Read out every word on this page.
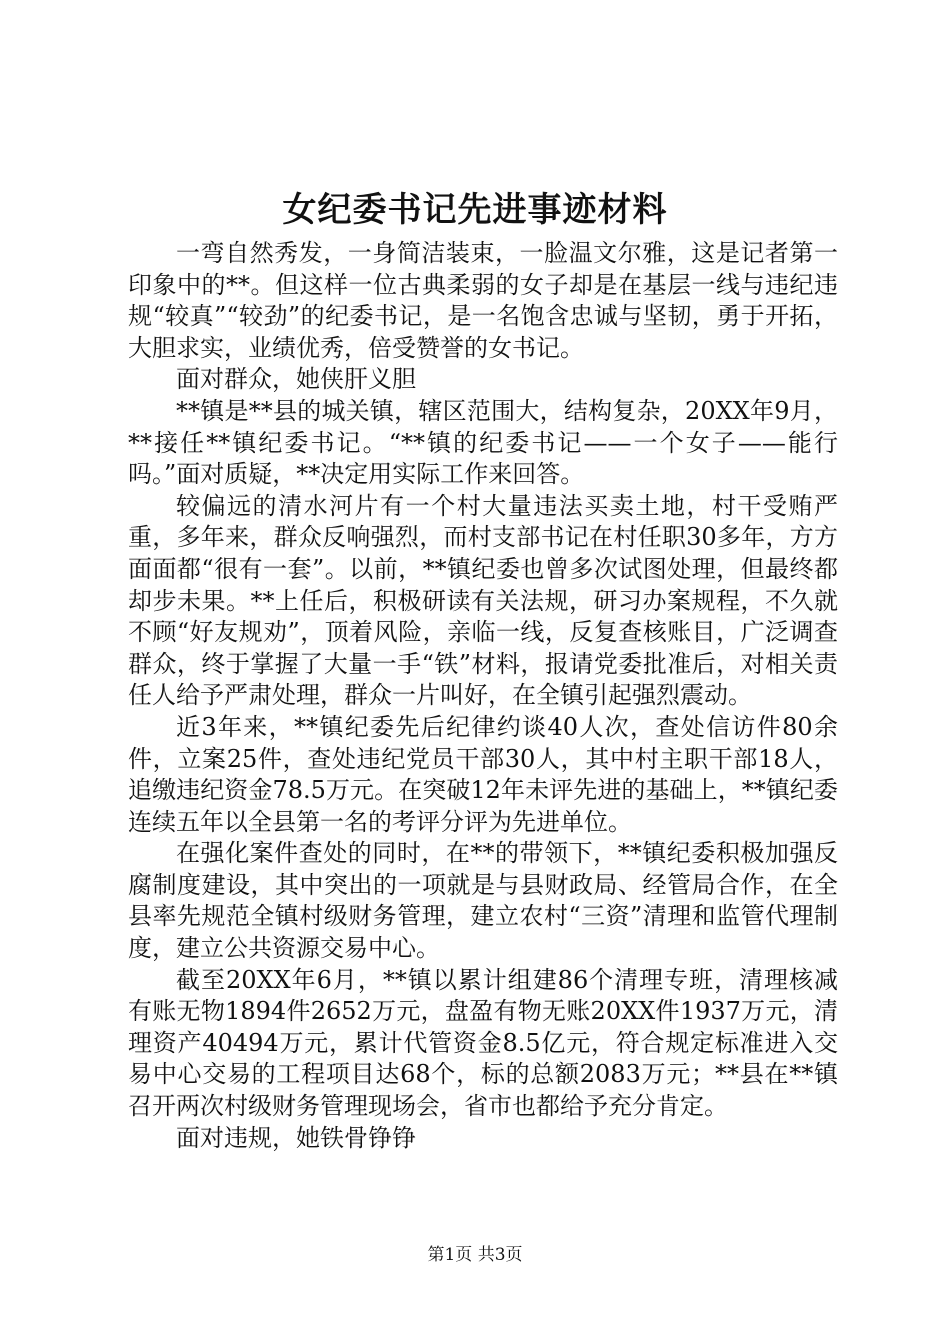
女纪委书记先进事迹材料

一弯自然秀发，一身简洁装束，一脸温文尔雅，这是记者第一印象中的**。但这样一位古典柔弱的女子却是在基层一线与违纪违规“较真”“较劲”的纪委书记，是一名饱含忠诚与坚韧，勇于开拓，大胆求实，业绩优秀，倍受赞誉的女书记。

面对群众，她侠肝义胆

**镇是**县的城关镇，辖区范围大，结构复杂，20XX年9月，**接任**镇纪委书记。“**镇的纪委书记——一个女子——能行吗。”面对质疑，**决定用实际工作来回答。

较偏远的清水河片有一个村大量违法买卖土地，村干受贿严重，多年来，群众反响强烈，而村支部书记在村任职30多年，方方面面都“很有一套”。以前，**镇纪委也曾多次试图处理，但最终都却步未果。**上任后，积极研读有关法规，研习办案规程，不久就不顾“好友规劝”，顶着风险，亲临一线，反复查核账目，广泛调查群众，终于掌握了大量一手“铁”材料，报请党委批准后，对相关责任人给予严肃处理，群众一片叫好，在全镇引起强烈震动。

近3年来，**镇纪委先后纪律约谈40人次，查处信访件80余件，立案25件，查处违纪党员干部30人，其中村主职干部18人，追缴违纪资金78.5万元。在突破12年未评先进的基础上，**镇纪委连续五年以全县第一名的考评分评为先进单位。

在强化案件查处的同时，在**的带领下，**镇纪委积极加强反腐制度建设，其中突出的一项就是与县财政局、经管局合作，在全县率先规范全镇村级财务管理，建立农村“三资”清理和监管代理制度，建立公共资源交易中心。

截至20XX年6月，**镇以累计组建86个清理专班，清理核减有账无物1894件2652万元，盘盈有物无账20XX件1937万元，清理资产40494万元，累计代管资金8.5亿元，符合规定标准进入交易中心交易的工程项目达68个，标的总额2083万元；**县在**镇召开两次村级财务管理现场会，省市也都给予充分肯定。

面对违规，她铁骨铮铮

第1页 共3页
